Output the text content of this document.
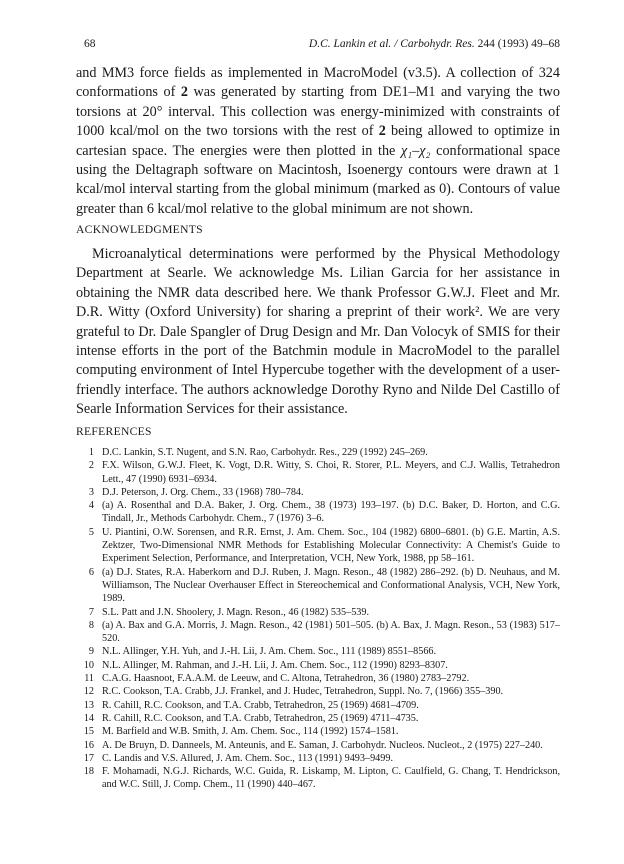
68	D.C. Lankin et al. / Carbohydr. Res. 244 (1993) 49–68

and MM3 force fields as implemented in MacroModel (v3.5). A collection of 324 conformations of 2 was generated by starting from DE1–M1 and varying the two torsions at 20° interval. This collection was energy-minimized with constraints of 1000 kcal/mol on the two torsions with the rest of 2 being allowed to optimize in cartesian space. The energies were then plotted in the χ₁–χ₂ conformational space using the Deltagraph software on Macintosh, Isoenergy contours were drawn at 1 kcal/mol interval starting from the global minimum (marked as 0). Contours of value greater than 6 kcal/mol relative to the global minimum are not shown.

ACKNOWLEDGMENTS

Microanalytical determinations were performed by the Physical Methodology Department at Searle. We acknowledge Ms. Lilian Garcia for her assistance in obtaining the NMR data described here. We thank Professor G.W.J. Fleet and Mr. D.R. Witty (Oxford University) for sharing a preprint of their work². We are very grateful to Dr. Dale Spangler of Drug Design and Mr. Dan Volocyk of SMIS for their intense efforts in the port of the Batchmin module in MacroModel to the parallel computing environment of Intel Hypercube together with the development of a user-friendly interface. The authors acknowledge Dorothy Ryno and Nilde Del Castillo of Searle Information Services for their assistance.

REFERENCES

1 D.C. Lankin, S.T. Nugent, and S.N. Rao, Carbohydr. Res., 229 (1992) 245–269.
2 F.X. Wilson, G.W.J. Fleet, K. Vogt, D.R. Witty, S. Choi, R. Storer, P.L. Meyers, and C.J. Wallis, Tetrahedron Lett., 47 (1990) 6931–6934.
3 D.J. Peterson, J. Org. Chem., 33 (1968) 780–784.
4 (a) A. Rosenthal and D.A. Baker, J. Org. Chem., 38 (1973) 193–197. (b) D.C. Baker, D. Horton, and C.G. Tindall, Jr., Methods Carbohydr. Chem., 7 (1976) 3–6.
5 U. Piantini, O.W. Sorensen, and R.R. Ernst, J. Am. Chem. Soc., 104 (1982) 6800–6801. (b) G.E. Martin, A.S. Zektzer, Two-Dimensional NMR Methods for Establishing Molecular Connectivity: A Chemist's Guide to Experiment Selection, Performance, and Interpretation, VCH, New York, 1988, pp 58–161.
6 (a) D.J. States, R.A. Haberkorn and D.J. Ruben, J. Magn. Reson., 48 (1982) 286–292. (b) D. Neuhaus, and M. Williamson, The Nuclear Overhauser Effect in Stereochemical and Conformational Analysis, VCH, New York, 1989.
7 S.L. Patt and J.N. Shoolery, J. Magn. Reson., 46 (1982) 535–539.
8 (a) A. Bax and G.A. Morris, J. Magn. Reson., 42 (1981) 501–505. (b) A. Bax, J. Magn. Reson., 53 (1983) 517–520.
9 N.L. Allinger, Y.H. Yuh, and J.-H. Lii, J. Am. Chem. Soc., 111 (1989) 8551–8566.
10 N.L. Allinger, M. Rahman, and J.-H. Lii, J. Am. Chem. Soc., 112 (1990) 8293–8307.
11 C.A.G. Haasnoot, F.A.A.M. de Leeuw, and C. Altona, Tetrahedron, 36 (1980) 2783–2792.
12 R.C. Cookson, T.A. Crabb, J.J. Frankel, and J. Hudec, Tetrahedron, Suppl. No. 7, (1966) 355–390.
13 R. Cahill, R.C. Cookson, and T.A. Crabb, Tetrahedron, 25 (1969) 4681–4709.
14 R. Cahill, R.C. Cookson, and T.A. Crabb, Tetrahedron, 25 (1969) 4711–4735.
15 M. Barfield and W.B. Smith, J. Am. Chem. Soc., 114 (1992) 1574–1581.
16 A. De Bruyn, D. Danneels, M. Anteunis, and E. Saman, J. Carbohydr. Nucleos. Nucleot., 2 (1975) 227–240.
17 C. Landis and V.S. Allured, J. Am. Chem. Soc., 113 (1991) 9493–9499.
18 F. Mohamadi, N.G.J. Richards, W.C. Guida, R. Liskamp, M. Lipton, C. Caulfield, G. Chang, T. Hendrickson, and W.C. Still, J. Comp. Chem., 11 (1990) 440–467.
